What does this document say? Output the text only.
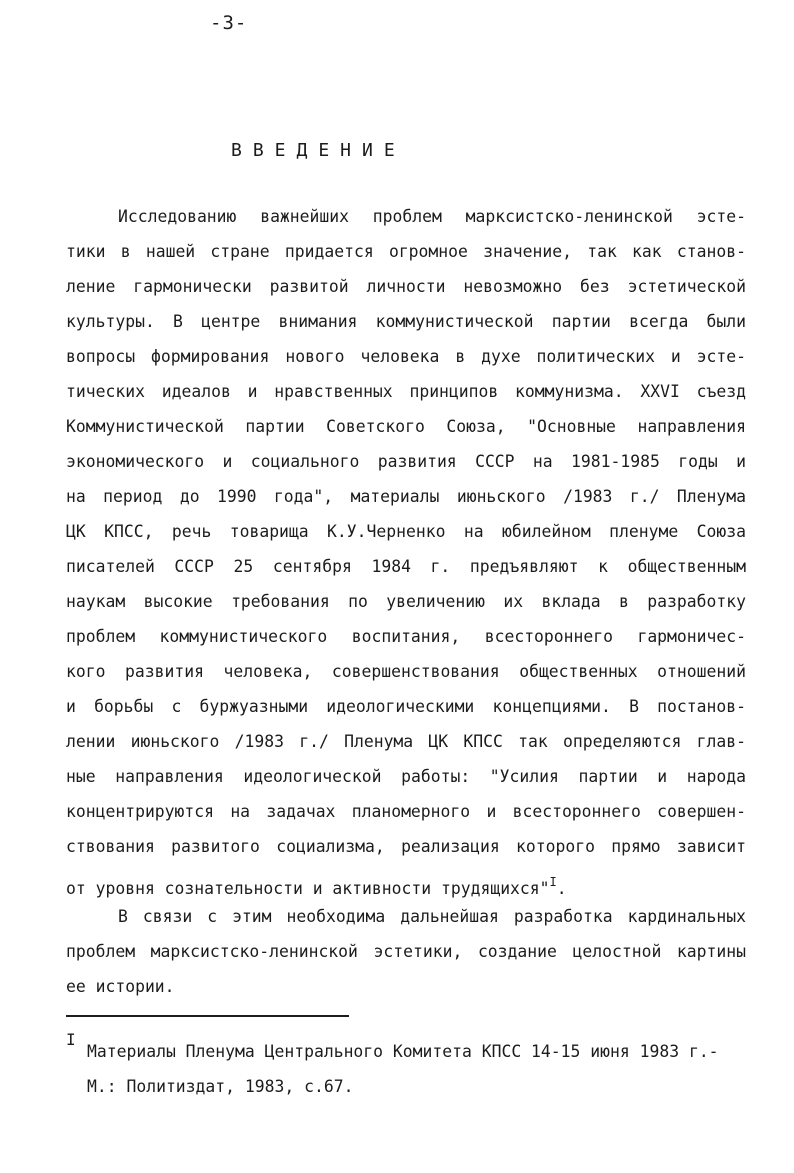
-3-
ВВЕДЕНИЕ
Исследованию важнейших проблем марксистско-ленинской эсте-
тики в нашей стране придается огромное значение, так как станов-
ление гармонически развитой личности невозможно без эстетической
культуры. В центре внимания коммунистической партии всегда были
вопросы формирования нового человека в духе политических и эсте-
тических идеалов и нравственных принципов коммунизма. XXVI съезд
Коммунистической партии Советского Союза, "Основные направления
экономического и социального развития СССР на 1981-1985 годы и
на период до 1990 года", материалы июньского /1983 г./ Пленума
ЦК КПСС, речь товарища К.У.Черненко на юбилейном пленуме Союза
писателей СССР 25 сентября 1984 г. предъявляют к общественным
наукам высокие требования по увеличению их вклада в разработку
проблем коммунистического воспитания, всестороннего гармоничес-
кого развития человека, совершенствования общественных отношений
и борьбы с буржуазными идеологическими концепциями. В постанов-
лении июньского /1983 г./ Пленума ЦК КПСС так определяются глав-
ные направления идеологической работы: "Усилия партии и народа
концентрируются на задачах планомерного и всестороннего совершен-
ствования развитого социализма, реализация которого прямо зависит
от уровня сознательности и активности трудящихся"$^I$.
В связи с этим необходима дальнейшая разработка кардинальных
проблем марксистско-ленинской эстетики, создание целостной картины
ее истории.
I
Материалы Пленума Центрального Комитета КПСС 14-15 июня 1983 г.-
М.: Политиздат, 1983, с.67.
